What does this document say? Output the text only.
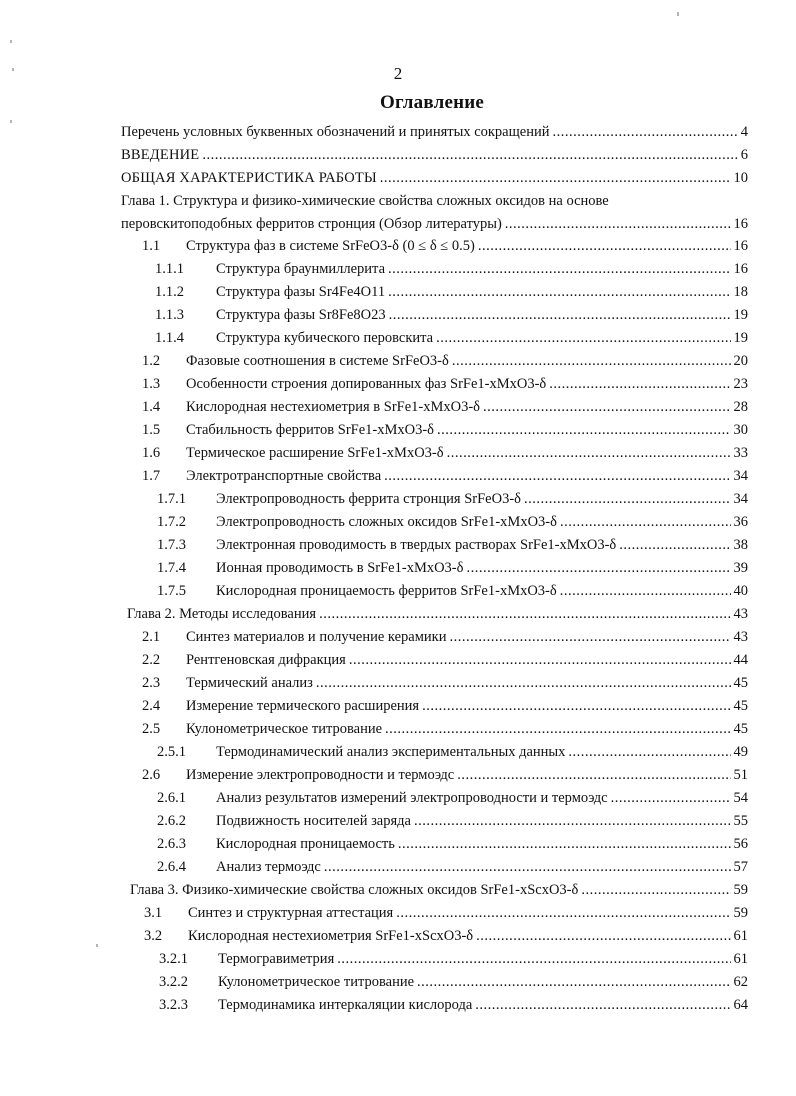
2
Оглавление
Перечень условных буквенных обозначений и принятых сокращений .....	4
ВВЕДЕНИЕ .....	6
ОБЩАЯ ХАРАКТЕРИСТИКА РАБОТЫ .....	10
Глава 1. Структура и физико-химические свойства сложных оксидов на основе
перовскитоподобных ферритов стронция (Обзор литературы) .....	16
1.1 Структура фаз в системе SrFeO3-δ (0 ≤ δ ≤ 0.5) .....	16
1.1.1 Структура браунмиллерита .....	16
1.1.2 Структура фазы Sr4Fe4O11 .....	18
1.1.3 Структура фазы Sr8Fe8O23 .....	19
1.1.4 Структура кубического перовскита .....	19
1.2 Фазовые соотношения в системе SrFeO3-δ .....	20
1.3 Особенности строения допированных фаз SrFe1-xMxO3-δ .....	23
1.4 Кислородная нестехиометрия в SrFe1-xMxO3-δ .....	28
1.5 Стабильность ферритов SrFe1-xMxO3-δ .....	30
1.6 Термическое расширение SrFe1-xMxO3-δ .....	33
1.7 Электротранспортные свойства .....	34
1.7.1 Электропроводность феррита стронция SrFeO3-δ .....	34
1.7.2 Электропроводность сложных оксидов SrFe1-xMxO3-δ .....	36
1.7.3 Электронная проводимость в твердых растворах SrFe1-xMxO3-δ .....	38
1.7.4 Ионная проводимость в SrFe1-xMxO3-δ .....	39
1.7.5 Кислородная проницаемость ферритов SrFe1-xMxO3-δ .....	40
Глава 2. Методы исследования .....	43
2.1 Синтез материалов и получение керамики .....	43
2.2 Рентгеновская дифракция .....	44
2.3 Термический анализ .....	45
2.4 Измерение термического расширения .....	45
2.5 Кулонометрическое титрование .....	45
2.5.1 Термодинамический анализ экспериментальных данных .....	49
2.6 Измерение электропроводности и термоэдс .....	51
2.6.1 Анализ результатов измерений электропроводности и термоэдс .....	54
2.6.2 Подвижность носителей заряда .....	55
2.6.3 Кислородная проницаемость .....	56
2.6.4 Анализ термоэдс .....	57
Глава 3. Физико-химические свойства сложных оксидов SrFe1-xScxO3-δ .....	59
3.1 Синтез и структурная аттестация .....	59
3.2 Кислородная нестехиометрия SrFe1-xScxO3-δ .....	61
3.2.1 Термогравиметрия .....	61
3.2.2 Кулонометрическое титрование .....	62
3.2.3 Термодинамика интеркаляции кислорода .....	64
